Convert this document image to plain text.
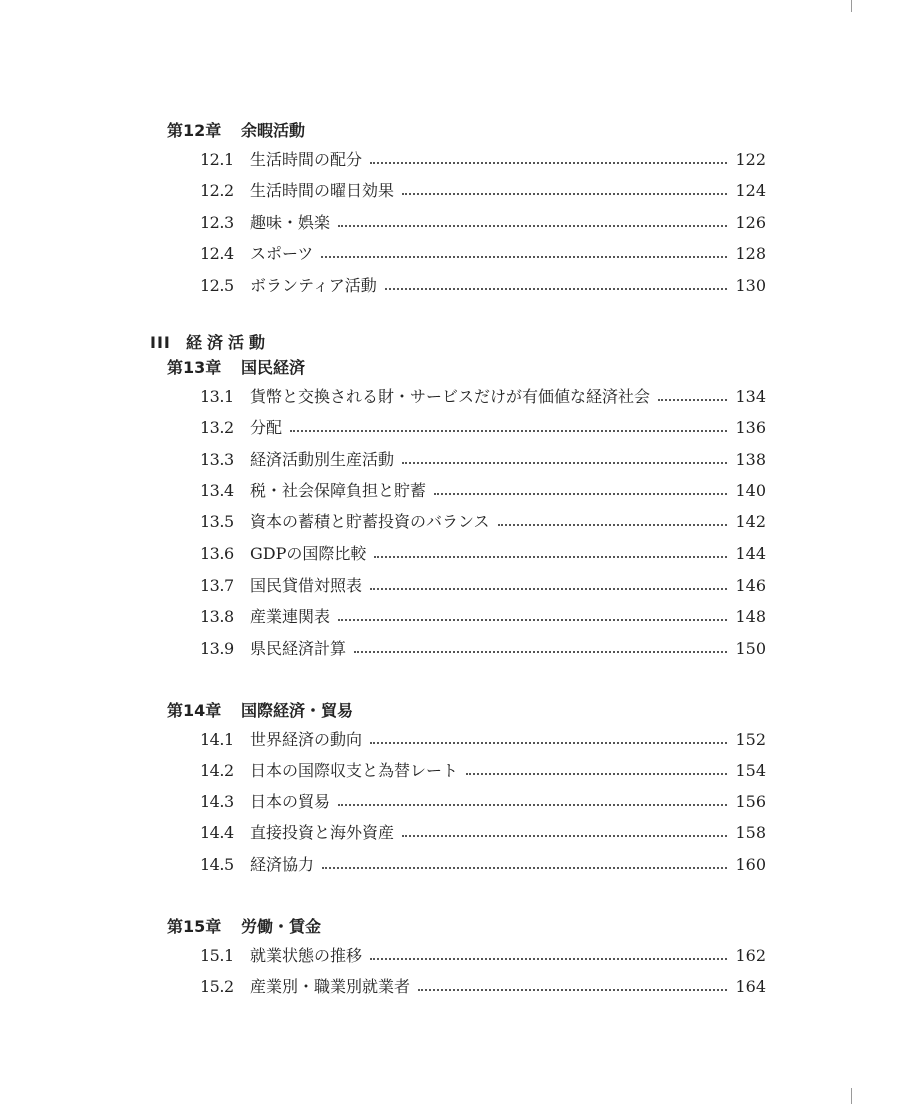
第12章 余暇活動
12.1	生活時間の配分	122
12.2	生活時間の曜日効果	124
12.3	趣味・娯楽	126
12.4	スポーツ	128
12.5	ボランティア活動	130
III 経済活動
第13章 国民経済
13.1	貨幣と交換される財・サービスだけが有価値な経済社会	134
13.2	分配	136
13.3	経済活動別生産活動	138
13.4	税・社会保障負担と貯蓄	140
13.5	資本の蓄積と貯蓄投資のバランス	142
13.6	GDPの国際比較	144
13.7	国民貸借対照表	146
13.8	産業連関表	148
13.9	県民経済計算	150
第14章 国際経済・貿易
14.1	世界経済の動向	152
14.2	日本の国際収支と為替レート	154
14.3	日本の貿易	156
14.4	直接投資と海外資産	158
14.5	経済協力	160
第15章 労働・賃金
15.1	就業状態の推移	162
15.2	産業別・職業別就業者	164
